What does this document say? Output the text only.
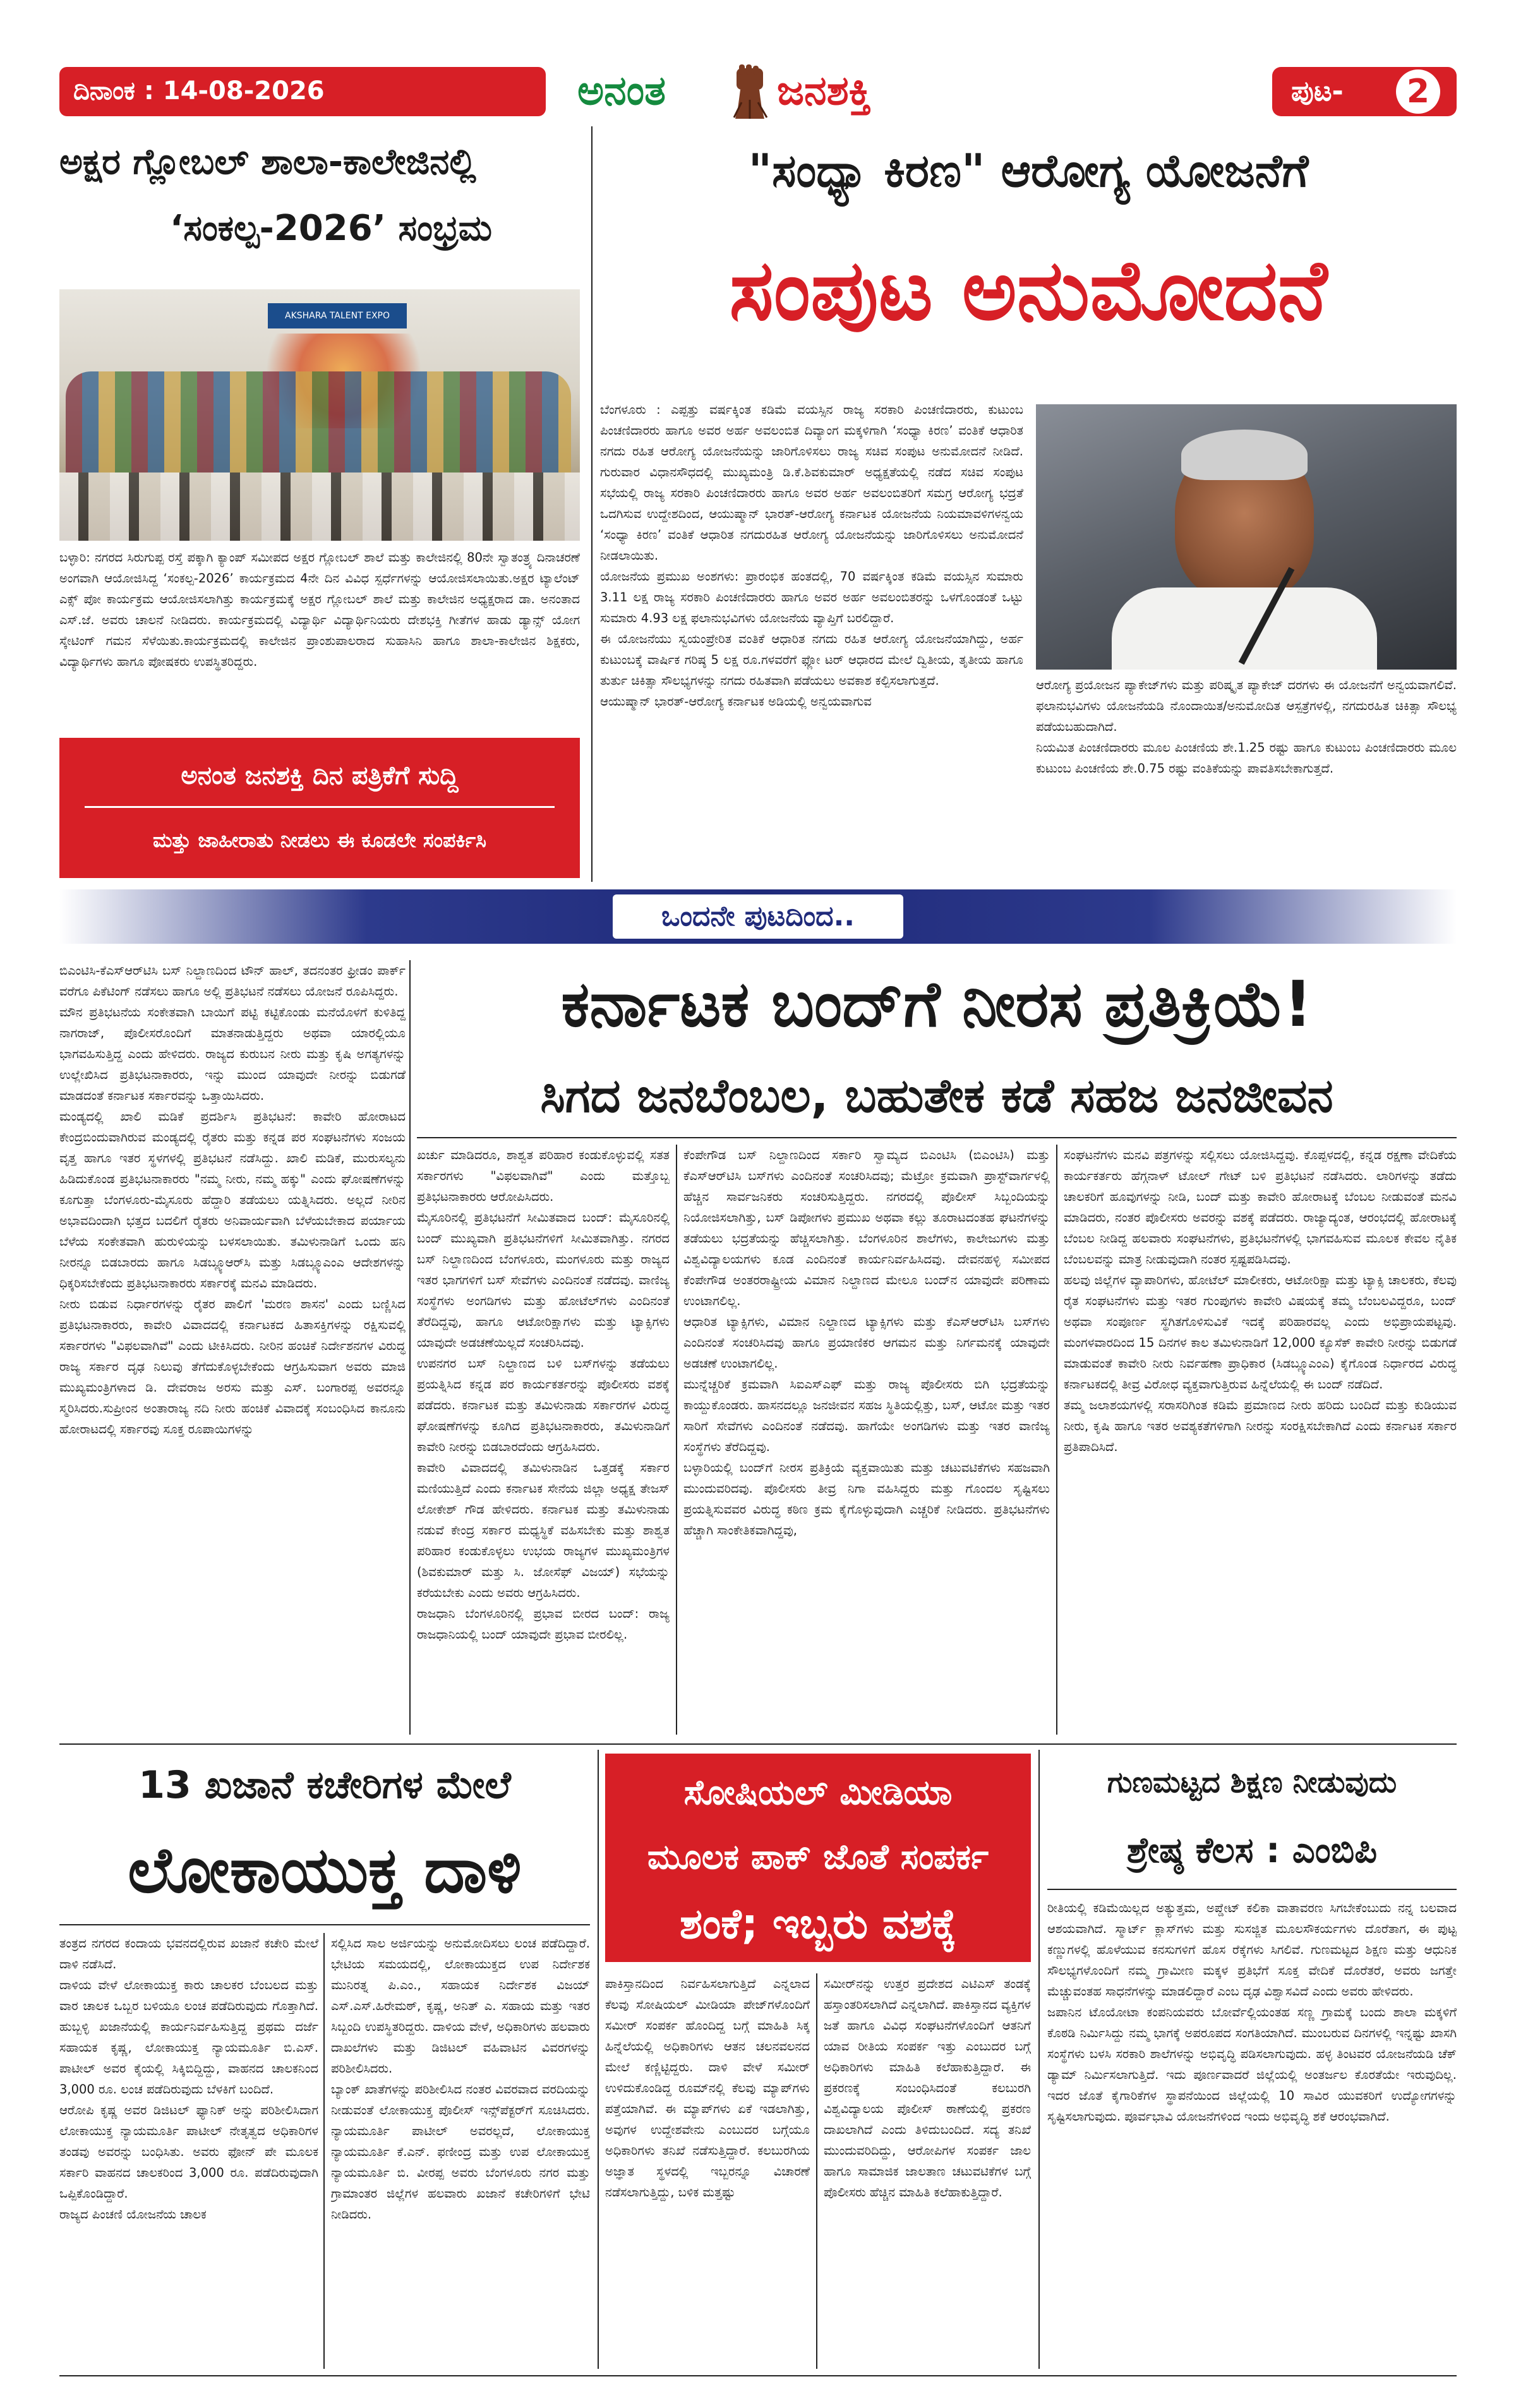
ದಿನಾಂಕ : 14-08-2026	ಅನಂತ	ಜನಶಕ್ತಿ	ಪುಟ-	2
ಅಕ್ಷರ ಗ್ಲೋಬಲ್ ಶಾಲಾ-ಕಾಲೇಜಿನಲ್ಲಿ
‘ಸಂಕಲ್ಪ-2026’ ಸಂಭ್ರಮ
AKSHARA TALENT EXPO
ಬಳ್ಳಾರಿ: ನಗರದ ಸಿರುಗುಪ್ಪ ರಸ್ತೆ ಪಕ್ಕಾಗಿ ಕ್ಯಾಂಪ್ ಸಮೀಪದ ಅಕ್ಷರ ಗ್ಲೋಬಲ್ ಶಾಲೆ ಮತ್ತು ಕಾಲೇಜಿನಲ್ಲಿ 80ನೇ ಸ್ವಾತಂತ್ರ್ಯ ದಿನಾಚರಣೆ ಅಂಗವಾಗಿ ಆಯೋಜಿಸಿದ್ದ ‘ಸಂಕಲ್ಪ-2026’ ಕಾರ್ಯಕ್ರಮದ 4ನೇ ದಿನ ವಿವಿಧ ಸ್ಪರ್ಧೆಗಳನ್ನು ಆಯೋಜಿಸಲಾಯಿತು.ಅಕ್ಷರ ಟ್ಯಾಲೆಂಟ್ ಎಕ್ಸ್ ಪೋ ಕಾರ್ಯಕ್ರಮ ಆಯೋಜಿಸಲಾಗಿತ್ತು ಕಾರ್ಯಕ್ರಮಕ್ಕೆ ಅಕ್ಷರ ಗ್ಲೋಬಲ್ ಶಾಲೆ ಮತ್ತು ಕಾಲೇಜಿನ ಅಧ್ಯಕ್ಷರಾದ ಡಾ. ಅನಂತಾದ ಎಸ್.ಜೆ. ಅವರು ಚಾಲನೆ ನೀಡಿದರು. ಕಾರ್ಯಕ್ರಮದಲ್ಲಿ ವಿದ್ಯಾರ್ಥಿ ವಿದ್ಯಾರ್ಥಿನಿಯರು ದೇಶಭಕ್ತಿ ಗೀತೆಗಳ ಹಾಡು ಡ್ಯಾನ್ಸ್ ಯೋಗ ಸ್ಕೇಟಿಂಗ್ ಗಮನ ಸೆಳೆಯಿತು.ಕಾರ್ಯಕ್ರಮದಲ್ಲಿ ಕಾಲೇಜಿನ ಪ್ರಾಂಶುಪಾಲರಾದ ಸುಹಾಸಿನಿ ಹಾಗೂ ಶಾಲಾ-ಕಾಲೇಜಿನ ಶಿಕ್ಷಕರು, ವಿದ್ಯಾರ್ಥಿಗಳು ಹಾಗೂ ಪೋಷಕರು ಉಪಸ್ಥಿತರಿದ್ದರು.
ಅನಂತ ಜನಶಕ್ತಿ ದಿನ ಪತ್ರಿಕೆಗೆ ಸುದ್ದಿ
ಮತ್ತು ಜಾಹೀರಾತು ನೀಡಲು ಈ ಕೂಡಲೇ ಸಂಪರ್ಕಿಸಿ
"ಸಂಧ್ಯಾ ಕಿರಣ" ಆರೋಗ್ಯ ಯೋಜನೆಗೆ
ಸಂಪುಟ ಅನುಮೋದನೆ
ಬೆಂಗಳೂರು : ಎಪ್ಪತ್ತು ವರ್ಷಕ್ಕಿಂತ ಕಡಿಮೆ ವಯಸ್ಸಿನ ರಾಜ್ಯ ಸರಕಾರಿ ಪಿಂಚಣಿದಾರರು, ಕುಟುಂಬ ಪಿಂಚಣಿದಾರರು ಹಾಗೂ ಅವರ ಅರ್ಹ ಅವಲಂಬಿತ ದಿವ್ಯಾಂಗ ಮಕ್ಕಳಿಗಾಗಿ ‘ಸಂಧ್ಯಾ ಕಿರಣ’ ವಂತಿಕೆ ಆಧಾರಿತ ನಗದು ರಹಿತ ಆರೋಗ್ಯ ಯೋಜನೆಯನ್ನು ಜಾರಿಗೊಳಿಸಲು ರಾಜ್ಯ ಸಚಿವ ಸಂಪುಟ ಅನುಮೋದನೆ ನೀಡಿದೆ. ಗುರುವಾರ ವಿಧಾನಸೌಧದಲ್ಲಿ ಮುಖ್ಯಮಂತ್ರಿ ಡಿ.ಕೆ.ಶಿವಕುಮಾರ್ ಅಧ್ಯಕ್ಷತೆಯಲ್ಲಿ ನಡೆದ ಸಚಿವ ಸಂಪುಟ ಸಭೆಯಲ್ಲಿ ರಾಜ್ಯ ಸರಕಾರಿ ಪಿಂಚಣಿದಾರರು ಹಾಗೂ ಅವರ ಅರ್ಹ ಅವಲಂಬಿತರಿಗೆ ಸಮಗ್ರ ಆರೋಗ್ಯ ಭದ್ರತೆ ಒದಗಿಸುವ ಉದ್ದೇಶದಿಂದ, ಆಯುಷ್ಮಾನ್ ಭಾರತ್-ಆರೋಗ್ಯ ಕರ್ನಾಟಕ ಯೋಜನೆಯ ನಿಯಮಾವಳಿಗಳನ್ವಯ ‘ಸಂಧ್ಯಾ ಕಿರಣ’ ವಂತಿಕೆ ಆಧಾರಿತ ನಗದುರಹಿತ ಆರೋಗ್ಯ ಯೋಜನೆಯನ್ನು ಜಾರಿಗೊಳಿಸಲು ಅನುಮೋದನೆ ನೀಡಲಾಯಿತು.
ಯೋಜನೆಯ ಪ್ರಮುಖ ಅಂಶಗಳು: ಪ್ರಾರಂಭಿಕ ಹಂತದಲ್ಲಿ, 70 ವರ್ಷಕ್ಕಿಂತ ಕಡಿಮೆ ವಯಸ್ಸಿನ ಸುಮಾರು 3.11 ಲಕ್ಷ ರಾಜ್ಯ ಸರಕಾರಿ ಪಿಂಚಣಿದಾರರು ಹಾಗೂ ಅವರ ಅರ್ಹ ಅವಲಂಬಿತರನ್ನು ಒಳಗೊಂಡಂತೆ ಒಟ್ಟು ಸುಮಾರು 4.93 ಲಕ್ಷ ಫಲಾನುಭವಿಗಳು ಯೋಜನೆಯ ವ್ಯಾಪ್ತಿಗೆ ಬರಲಿದ್ದಾರೆ.
ಈ ಯೋಜನೆಯು ಸ್ವಯಂಪ್ರೇರಿತ ವಂತಿಕೆ ಆಧಾರಿತ ನಗದು ರಹಿತ ಆರೋಗ್ಯ ಯೋಜನೆಯಾಗಿದ್ದು, ಅರ್ಹ ಕುಟುಂಬಕ್ಕೆ ವಾರ್ಷಿಕ ಗರಿಷ್ಠ 5 ಲಕ್ಷ ರೂ.ಗಳವರೆಗೆ ಫ್ಲೋ ಟರ್ ಆಧಾರದ ಮೇಲೆ ದ್ವಿತೀಯ, ತೃತೀಯ ಹಾಗೂ ತುರ್ತು ಚಿಕಿತ್ಸಾ ಸೌಲಭ್ಯಗಳನ್ನು ನಗದು ರಹಿತವಾಗಿ ಪಡೆಯಲು ಅವಕಾಶ ಕಲ್ಪಿಸಲಾಗುತ್ತದೆ.
ಆಯುಷ್ಮಾನ್ ಭಾರತ್-ಆರೋಗ್ಯ ಕರ್ನಾಟಕ ಅಡಿಯಲ್ಲಿ ಅನ್ವಯವಾಗುವ
ಆರೋಗ್ಯ ಪ್ರಯೋಜನ ಪ್ಯಾಕೇಜ್‌ಗಳು ಮತ್ತು ಪರಿಷ್ಕೃತ ಪ್ಯಾಕೇಜ್ ದರಗಳು ಈ ಯೋಜನೆಗೆ ಅನ್ವಯವಾಗಲಿವೆ. ಫಲಾನುಭವಿಗಳು ಯೋಜನೆಯಡಿ ನೊಂದಾಯಿತ/ಅನುಮೋದಿತ ಆಸ್ಪತ್ರೆಗಳಲ್ಲಿ, ನಗದುರಹಿತ ಚಿಕಿತ್ಸಾ ಸೌಲಭ್ಯ ಪಡೆಯಬಹುದಾಗಿದೆ.
ನಿಯಮಿತ ಪಿಂಚಣಿದಾರರು ಮೂಲ ಪಿಂಚಣಿಯ ಶೇ.1.25 ರಷ್ಟು ಹಾಗೂ ಕುಟುಂಬ ಪಿಂಚಣಿದಾರರು ಮೂಲ ಕುಟುಂಬ ಪಿಂಚಣಿಯ ಶೇ.0.75 ರಷ್ಟು ವಂತಿಕೆಯನ್ನು ಪಾವತಿಸಬೇಕಾಗುತ್ತದೆ.
ಒಂದನೇ ಪುಟದಿಂದ..
ಬಿಎಂಟಿಸಿ-ಕೆಎಸ್ಆರ್‌ಟಿಸಿ ಬಸ್ ನಿಲ್ದಾಣದಿಂದ ಟೌನ್ ಹಾಲ್, ತದನಂತರ ಫ್ರೀಡಂ ಪಾರ್ಕ್ ವರೆಗೂ ಪಿಕೆಟಿಂಗ್ ನಡೆಸಲು ಹಾಗೂ ಅಲ್ಲಿ ಪ್ರತಿಭಟನೆ ನಡೆಸಲು ಯೋಜನೆ ರೂಪಿಸಿದ್ದರು.
ಮೌನ ಪ್ರತಿಭಟನೆಯ ಸಂಕೇತವಾಗಿ ಬಾಯಿಗೆ ಪಟ್ಟಿ ಕಟ್ಟಿಕೊಂಡು ಮನೆಯೊಳಗೆ ಕುಳಿತಿದ್ದ ನಾಗರಾಜ್, ಪೊಲೀಸರೊಂದಿಗೆ ಮಾತನಾಡುತ್ತಿದ್ದರು ಅಥವಾ ಯಾರಲ್ಲಿಯೂ ಭಾಗವಹಿಸುತ್ತಿದ್ದ ಎಂದು ಹೇಳಿದರು. ರಾಜ್ಯದ ಕುರುಬನ ನೀರು ಮತ್ತು ಕೃಷಿ ಅಗತ್ಯಗಳನ್ನು ಉಲ್ಲೇಖಿಸಿದ ಪ್ರತಿಭಟನಾಕಾರರು, ಇನ್ನು ಮುಂದ ಯಾವುದೇ ನೀರನ್ನು ಬಿಡುಗಡೆ ಮಾಡದಂತೆ ಕರ್ನಾಟಕ ಸರ್ಕಾರವನ್ನು ಒತ್ತಾಯಿಸಿದರು.
ಮಂಡ್ಯದಲ್ಲಿ ಖಾಲಿ ಮಡಿಕೆ ಪ್ರದರ್ಶಿಸಿ ಪ್ರತಿಭಟನೆ: ಕಾವೇರಿ ಹೋರಾಟದ ಕೇಂದ್ರಬಿಂದುವಾಗಿರುವ ಮಂಡ್ಯದಲ್ಲಿ ರೈತರು ಮತ್ತು ಕನ್ನಡ ಪರ ಸಂಘಟನೆಗಳು ಸಂಜಯ ವೃತ್ತ ಹಾಗೂ ಇತರ ಸ್ಥಳಗಳಲ್ಲಿ ಪ್ರತಿಭಟನೆ ನಡೆಸಿದ್ದು. ಖಾಲಿ ಮಡಿಕೆ, ಮುರುಸಲ್ಯನು ಹಿಡಿದುಕೊಂಡ ಪ್ರತಿಭಟನಾಕಾರರು "ನಮ್ಮ ನೀರು, ನಮ್ಮ ಹಕ್ಕು" ಎಂದು ಘೋಷಣೆಗಳನ್ನು ಕೂಗುತ್ತಾ ಬೆಂಗಳೂರು-ಮೈಸೂರು ಹೆದ್ದಾರಿ ತಡೆಯಲು ಯತ್ನಿಸಿದರು. ಅಲ್ಲದೆ ನೀರಿನ ಅಭಾವದಿಂದಾಗಿ ಭತ್ತದ ಬದಲಿಗೆ ರೈತರು ಅನಿವಾರ್ಯವಾಗಿ ಬೆಳೆಯಬೇಕಾದ ಪರ್ಯಾಯ ಬೆಳೆಯ ಸಂಕೇತವಾಗಿ ಹುರುಳಿಯನ್ನು ಬಳಸಲಾಯಿತು. ತಮಿಳುನಾಡಿಗೆ ಒಂದು ಹನಿ ನೀರನ್ನೂ ಬಿಡಬಾರದು ಹಾಗೂ ಸಿಡಬ್ಲ್ಯೂಆರ್‌ಸಿ ಮತ್ತು ಸಿಡಬ್ಲ್ಯೂಎಂಎ ಆದೇಶಗಳನ್ನು ಧಿಕ್ಕರಿಸಬೇಕೆಂದು ಪ್ರತಿಭಟನಾಕಾರರು ಸರ್ಕಾರಕ್ಕೆ ಮನವಿ ಮಾಡಿದರು.
ನೀರು ಬಿಡುವ ನಿರ್ಧಾರಗಳನ್ನು ರೈತರ ಪಾಲಿಗೆ 'ಮರಣ ಶಾಸನ' ಎಂದು ಬಣ್ಣಿಸಿದ ಪ್ರತಿಭಟನಾಕಾರರು, ಕಾವೇರಿ ವಿವಾದದಲ್ಲಿ ಕರ್ನಾಟಕದ ಹಿತಾಸಕ್ತಿಗಳನ್ನು ರಕ್ಷಿಸುವಲ್ಲಿ ಸರ್ಕಾರಗಳು "ವಿಫಲವಾಗಿವೆ" ಎಂದು ಟೀಕಿಸಿದರು. ನೀರಿನ ಹಂಚಿಕೆ ನಿರ್ದೇಶನಗಳ ವಿರುದ್ಧ ರಾಜ್ಯ ಸರ್ಕಾರ ದೃಢ ನಿಲುವು ತೆಗೆದುಕೊಳ್ಳಬೇಕೆಂದು ಆಗ್ರಹಿಸುವಾಗ ಅವರು ಮಾಜಿ ಮುಖ್ಯಮಂತ್ರಿಗಳಾದ ಡಿ. ದೇವರಾಜ ಅರಸು ಮತ್ತು ಎಸ್. ಬಂಗಾರಪ್ಪ ಅವರನ್ನೂ ಸ್ಮರಿಸಿದರು.ಸುಪ್ರೀಂನ ಅಂತಾರಾಜ್ಯ ನದಿ ನೀರು ಹಂಚಿಕೆ ವಿವಾದಕ್ಕೆ ಸಂಬಂಧಿಸಿದ ಕಾನೂನು ಹೋರಾಟದಲ್ಲಿ ಸರ್ಕಾರವು ಸೂಕ್ತ ರೂಪಾಯಿಗಳನ್ನು
ಕರ್ನಾಟಕ ಬಂದ್‌ಗೆ ನೀರಸ ಪ್ರತಿಕ್ರಿಯೆ!
ಸಿಗದ ಜನಬೆಂಬಲ, ಬಹುತೇಕ ಕಡೆ ಸಹಜ ಜನಜೀವನ
ಖರ್ಚು ಮಾಡಿದರೂ, ಶಾಶ್ವತ ಪರಿಹಾರ ಕಂಡುಕೊಳ್ಳುವಲ್ಲಿ ಸತತ ಸರ್ಕಾರಗಳು "ವಿಫಲವಾಗಿವೆ" ಎಂದು ಮತ್ತೊಬ್ಬ ಪ್ರತಿಭಟನಾಕಾರರು ಆರೋಪಿಸಿದರು.
ಮೈಸೂರಿನಲ್ಲಿ ಪ್ರತಿಭಟನೆಗೆ ಸೀಮಿತವಾದ ಬಂದ್: ಮೈಸೂರಿನಲ್ಲಿ ಬಂದ್ ಮುಖ್ಯವಾಗಿ ಪ್ರತಿಭಟನೆಗಳಿಗೆ ಸೀಮಿತವಾಗಿತ್ತು. ನಗರದ ಬಸ್ ನಿಲ್ದಾಣದಿಂದ ಬೆಂಗಳೂರು, ಮಂಗಳೂರು ಮತ್ತು ರಾಜ್ಯದ ಇತರ ಭಾಗಗಳಿಗೆ ಬಸ್ ಸೇವೆಗಳು ಎಂದಿನಂತೆ ನಡೆದವು. ವಾಣಿಜ್ಯ ಸಂಸ್ಥೆಗಳು ಅಂಗಡಿಗಳು ಮತ್ತು ಹೋಟೆಲ್‌ಗಳು ಎಂದಿನಂತೆ ತೆರೆದಿದ್ದವು, ಹಾಗೂ ಆಟೋರಿಕ್ಷಾಗಳು ಮತ್ತು ಟ್ಯಾಕ್ಸಿಗಳು ಯಾವುದೇ ಅಡಚಣೆಯಿಲ್ಲದೆ ಸಂಚರಿಸಿದವು.
ಉಪನಗರ ಬಸ್ ನಿಲ್ದಾಣದ ಬಳಿ ಬಸ್‌ಗಳನ್ನು ತಡೆಯಲು ಪ್ರಯತ್ನಿಸಿದ ಕನ್ನಡ ಪರ ಕಾರ್ಯಕರ್ತರನ್ನು ಪೊಲೀಸರು ವಶಕ್ಕೆ ಪಡೆದರು. ಕರ್ನಾಟಕ ಮತ್ತು ತಮಿಳುನಾಡು ಸರ್ಕಾರಗಳ ವಿರುದ್ಧ ಘೋಷಣೆಗಳನ್ನು ಕೂಗಿದ ಪ್ರತಿಭಟನಾಕಾರರು, ತಮಿಳುನಾಡಿಗೆ ಕಾವೇರಿ ನೀರನ್ನು ಬಿಡಬಾರದೆಂದು ಆಗ್ರಹಿಸಿದರು.
ಕಾವೇರಿ ವಿವಾದದಲ್ಲಿ ತಮಿಳುನಾಡಿನ ಒತ್ತಡಕ್ಕೆ ಸರ್ಕಾರ ಮಣಿಯುತ್ತಿದೆ ಎಂದು ಕರ್ನಾಟಕ ಸೇನೆಯ ಜಿಲ್ಲಾ ಅಧ್ಯಕ್ಷ ತೇಜಸ್ ಲೋಕೇಶ್ ಗೌಡ ಹೇಳಿದರು. ಕರ್ನಾಟಕ ಮತ್ತು ತಮಿಳುನಾಡು ನಡುವೆ ಕೇಂದ್ರ ಸರ್ಕಾರ ಮಧ್ಯಸ್ಥಿಕೆ ವಹಿಸಬೇಕು ಮತ್ತು ಶಾಶ್ವತ ಪರಿಹಾರ ಕಂಡುಕೊಳ್ಳಲು ಉಭಯ ರಾಜ್ಯಗಳ ಮುಖ್ಯಮಂತ್ರಿಗಳ (ಶಿವಕುಮಾರ್ ಮತ್ತು ಸಿ. ಜೋಸೆಫ್ ವಿಜಯ್) ಸಭೆಯನ್ನು ಕರೆಯಬೇಕು ಎಂದು ಅವರು ಆಗ್ರಹಿಸಿದರು.
ರಾಜಧಾನಿ ಬೆಂಗಳೂರಿನಲ್ಲಿ ಪ್ರಭಾವ ಬೀರದ ಬಂದ್: ರಾಜ್ಯ ರಾಜಧಾನಿಯಲ್ಲಿ ಬಂದ್ ಯಾವುದೇ ಪ್ರಭಾವ ಬೀರಲಿಲ್ಲ.
ಕೆಂಪೇಗೌಡ ಬಸ್ ನಿಲ್ದಾಣದಿಂದ ಸರ್ಕಾರಿ ಸ್ವಾಮ್ಯದ ಬಿಎಂಟಿಸಿ (ಬಿಎಂಟಿಸಿ) ಮತ್ತು ಕೆಎಸ್‌ಆರ್‌ಟಿಸಿ ಬಸ್‌ಗಳು ಎಂದಿನಂತೆ ಸಂಚರಿಸಿದವು; ಮೆಟ್ರೋ ಕ್ರಮವಾಗಿ ಪ್ರಾಸ್ಟ್‌ವಾರ್ಗಳಲ್ಲಿ ಹೆಚ್ಚಿನ ಸಾರ್ವಜನಿಕರು ಸಂಚರಿಸುತ್ತಿದ್ದರು. ನಗರದಲ್ಲಿ ಪೊಲೀಸ್ ಸಿಬ್ಬಂದಿಯನ್ನು ನಿಯೋಜಿಸಲಾಗಿತ್ತು, ಬಸ್ ಡಿಪೋಗಳು ಪ್ರಮುಖ ಅಥವಾ ಕಲ್ಲು ತೂರಾಟದಂತಹ ಘಟನೆಗಳನ್ನು ತಡೆಯಲು ಭದ್ರತೆಯನ್ನು ಹೆಚ್ಚಿಸಲಾಗಿತ್ತು. ಬೆಂಗಳೂರಿನ ಶಾಲೆಗಳು, ಕಾಲೇಜುಗಳು ಮತ್ತು ವಿಶ್ವವಿದ್ಯಾಲಯಗಳು ಕೂಡ ಎಂದಿನಂತೆ ಕಾರ್ಯನಿರ್ವಹಿಸಿದವು. ದೇವನಹಳ್ಳಿ ಸಮೀಪದ ಕೆಂಪೇಗೌಡ ಅಂತರರಾಷ್ಟ್ರೀಯ ವಿಮಾನ ನಿಲ್ದಾಣದ ಮೇಲೂ ಬಂದ್‌ನ ಯಾವುದೇ ಪರಿಣಾಮ ಉಂಟಾಗಲಿಲ್ಲ.
ಆಧಾರಿತ ಟ್ಯಾಕ್ಸಿಗಳು, ವಿಮಾನ ನಿಲ್ದಾಣದ ಟ್ಯಾಕ್ಸಿಗಳು ಮತ್ತು ಕೆಎಸ್‌ಆರ್‌ಟಿಸಿ ಬಸ್‌ಗಳು ಎಂದಿನಂತೆ ಸಂಚರಿಸಿದವು ಹಾಗೂ ಪ್ರಯಾಣಿಕರ ಆಗಮನ ಮತ್ತು ನಿರ್ಗಮನಕ್ಕೆ ಯಾವುದೇ ಅಡಚಣೆ ಉಂಟಾಗಲಿಲ್ಲ.
ಮುನ್ನೆಚ್ಚರಿಕೆ ಕ್ರಮವಾಗಿ ಸಿಐಎಸ್‌ಎಫ್ ಮತ್ತು ರಾಜ್ಯ ಪೊಲೀಸರು ಬಿಗಿ ಭದ್ರತೆಯನ್ನು ಕಾಯ್ದುಕೊಂಡರು. ಹಾಸನದಲ್ಲೂ ಜನಜೀವನ ಸಹಜ ಸ್ಥಿತಿಯಲ್ಲಿತ್ತು, ಬಸ್, ಆಟೋ ಮತ್ತು ಇತರ ಸಾರಿಗೆ ಸೇವೆಗಳು ಎಂದಿನಂತೆ ನಡೆದವು. ಹಾಗೆಯೇ ಅಂಗಡಿಗಳು ಮತ್ತು ಇತರ ವಾಣಿಜ್ಯ ಸಂಸ್ಥೆಗಳು ತೆರೆದಿದ್ದವು.
ಬಳ್ಳಾರಿಯಲ್ಲಿ ಬಂದ್‌ಗೆ ನೀರಸ ಪ್ರತಿಕ್ರಿಯೆ ವ್ಯಕ್ತವಾಯಿತು ಮತ್ತು ಚಟುವಟಿಕೆಗಳು ಸಹಜವಾಗಿ ಮುಂದುವರಿದವು. ಪೊಲೀಸರು ತೀವ್ರ ನಿಗಾ ವಹಿಸಿದ್ದರು ಮತ್ತು ಗೊಂದಲ ಸೃಷ್ಟಿಸಲು ಪ್ರಯತ್ನಿಸುವವರ ವಿರುದ್ಧ ಕಠಿಣ ಕ್ರಮ ಕೈಗೊಳ್ಳುವುದಾಗಿ ಎಚ್ಚರಿಕೆ ನೀಡಿದರು. ಪ್ರತಿಭಟನೆಗಳು ಹೆಚ್ಚಾಗಿ ಸಾಂಕೇತಿಕವಾಗಿದ್ದವು,
ಸಂಘಟನೆಗಳು ಮನವಿ ಪತ್ರಗಳನ್ನು ಸಲ್ಲಿಸಲು ಯೋಜಿಸಿದ್ದವು. ಕೊಪ್ಪಳದಲ್ಲಿ, ಕನ್ನಡ ರಕ್ಷಣಾ ವೇದಿಕೆಯ ಕಾರ್ಯಕರ್ತರು ಹೆಗ್ಗನಾಳ್ ಟೋಲ್ ಗೇಟ್ ಬಳಿ ಪ್ರತಿಭಟನೆ ನಡೆಸಿದರು. ಲಾರಿಗಳನ್ನು ತಡೆದು ಚಾಲಕರಿಗೆ ಹೂವುಗಳನ್ನು ನೀಡಿ, ಬಂದ್ ಮತ್ತು ಕಾವೇರಿ ಹೋರಾಟಕ್ಕೆ ಬೆಂಬಲ ನೀಡುವಂತೆ ಮನವಿ ಮಾಡಿದರು, ನಂತರ ಪೊಲೀಸರು ಅವರನ್ನು ವಶಕ್ಕೆ ಪಡೆದರು. ರಾಜ್ಯಾದ್ಯಂತ, ಆರಂಭದಲ್ಲಿ ಹೋರಾಟಕ್ಕೆ ಬೆಂಬಲ ನೀಡಿದ್ದ ಹಲವಾರು ಸಂಘಟನೆಗಳು, ಪ್ರತಿಭಟನೆಗಳಲ್ಲಿ ಭಾಗವಹಿಸುವ ಮೂಲಕ ಕೇವಲ ನೈತಿಕ ಬೆಂಬಲವನ್ನು ಮಾತ್ರ ನೀಡುವುದಾಗಿ ನಂತರ ಸ್ಪಷ್ಟಪಡಿಸಿದವು.
ಹಲವು ಜಿಲ್ಲೆಗಳ ವ್ಯಾಪಾರಿಗಳು, ಹೋಟೆಲ್ ಮಾಲೀಕರು, ಆಟೋರಿಕ್ಷಾ ಮತ್ತು ಟ್ಯಾಕ್ಸಿ ಚಾಲಕರು, ಕೆಲವು ರೈತ ಸಂಘಟನೆಗಳು ಮತ್ತು ಇತರ ಗುಂಪುಗಳು ಕಾವೇರಿ ವಿಷಯಕ್ಕೆ ತಮ್ಮ ಬೆಂಬಲವಿದ್ದರೂ, ಬಂದ್ ಅಥವಾ ಸಂಪೂರ್ಣ ಸ್ಥಗಿತಗೊಳಿಸುವಿಕೆ ಇದಕ್ಕೆ ಪರಿಹಾರವಲ್ಲ ಎಂದು ಅಭಿಪ್ರಾಯಪಟ್ಟವು. ಮಂಗಳವಾರದಿಂದ 15 ದಿನಗಳ ಕಾಲ ತಮಿಳುನಾಡಿಗೆ 12,000 ಕ್ಯೂಸೆಕ್ ಕಾವೇರಿ ನೀರನ್ನು ಬಿಡುಗಡೆ ಮಾಡುವಂತೆ ಕಾವೇರಿ ನೀರು ನಿರ್ವಹಣಾ ಪ್ರಾಧಿಕಾರ (ಸಿಡಬ್ಲ್ಯೂಎಂಎ) ಕೈಗೊಂಡ ನಿರ್ಧಾರದ ವಿರುದ್ಧ ಕರ್ನಾಟಕದಲ್ಲಿ ತೀವ್ರ ವಿರೋಧ ವ್ಯಕ್ತವಾಗುತ್ತಿರುವ ಹಿನ್ನೆಲೆಯಲ್ಲಿ ಈ ಬಂದ್ ನಡೆದಿದೆ.
ತಮ್ಮ ಜಲಾಶಯಗಳಲ್ಲಿ ಸರಾಸರಿಗಿಂತ ಕಡಿಮೆ ಪ್ರಮಾಣದ ನೀರು ಹರಿದು ಬಂದಿದೆ ಮತ್ತು ಕುಡಿಯುವ ನೀರು, ಕೃಷಿ ಹಾಗೂ ಇತರ ಅವಶ್ಯಕತೆಗಳಿಗಾಗಿ ನೀರನ್ನು ಸಂರಕ್ಷಿಸಬೇಕಾಗಿದೆ ಎಂದು ಕರ್ನಾಟಕ ಸರ್ಕಾರ ಪ್ರತಿಪಾದಿಸಿದೆ.
13 ಖಜಾನೆ ಕಚೇರಿಗಳ ಮೇಲೆ
ಲೋಕಾಯುಕ್ತ ದಾಳಿ
ತಂತ್ರದ ನಗರದ ಕಂದಾಯ ಭವನದಲ್ಲಿರುವ ಖಜಾನೆ ಕಚೇರಿ ಮೇಲೆ ದಾಳಿ ನಡೆಸಿದೆ.
ದಾಳಿಯ ವೇಳೆ ಲೋಕಾಯುಕ್ತ ಕಾರು ಚಾಲಕರ ಬೆಂಬಲದ ಮತ್ತು ವಾರ ಚಾಲಕ ಒಬ್ಬರ ಬಳಿಯೂ ಲಂಚ ಪಡೆದಿರುವುದು ಗೊತ್ತಾಗಿದೆ. ಹುಬ್ಬಳ್ಳಿ ಖಜಾನೆಯಲ್ಲಿ ಕಾರ್ಯನಿರ್ವಹಿಸುತ್ತಿದ್ದ ಪ್ರಥಮ ದರ್ಜೆ ಸಹಾಯಕ ಕೃಷ್ಣ, ಲೋಕಾಯುಕ್ತ ನ್ಯಾಯಮೂರ್ತಿ ಬಿ.ಎಸ್. ಪಾಟೀಲ್ ಅವರ ಕೈಯಲ್ಲಿ ಸಿಕ್ಕಿಬಿದ್ದಿದ್ದು, ವಾಹನದ ಚಾಲಕನಿಂದ 3,000 ರೂ. ಲಂಚ ಪಡೆದಿರುವುದು ಬೆಳಕಿಗೆ ಬಂದಿದೆ.
ಆರೋಪಿ ಕೃಷ್ಣ ಅವರ ಡಿಜಿಟಲ್ ಫ್ಯಾನಿಕ್ ಅನ್ನು ಪರಿಶೀಲಿಸಿದಾಗ ಲೋಕಾಯುಕ್ತ ನ್ಯಾಯಮೂರ್ತಿ ಪಾಟೀಲ್ ನೇತೃತ್ವದ ಅಧಿಕಾರಿಗಳ ತಂಡವು ಅವರನ್ನು ಬಂಧಿಸಿತು. ಅವರು ಫೋನ್ ಪೇ ಮೂಲಕ ಸರ್ಕಾರಿ ವಾಹನದ ಚಾಲಕರಿಂದ 3,000 ರೂ. ಪಡೆದಿರುವುದಾಗಿ ಒಪ್ಪಿಕೊಂಡಿದ್ದಾರೆ.
ರಾಜ್ಯದ ಪಿಂಚಣಿ ಯೋಜನೆಯ ಚಾಲಕ
ಸಲ್ಲಿಸಿದ ಸಾಲ ಅರ್ಜಿಯನ್ನು ಅನುಮೋದಿಸಲು ಲಂಚ ಪಡೆದಿದ್ದಾರೆ. ಭೇಟಿಯ ಸಮಯದಲ್ಲಿ, ಲೋಕಾಯುಕ್ತದ ಉಪ ನಿರ್ದೇಶಕ ಮುನಿರತ್ನ ಪಿ.ಎಂ., ಸಹಾಯಕ ನಿರ್ದೇಶಕ ವಿಜಯ್ ಎಸ್.ಎಸ್.ಹಿರೇಮಠ್, ಕೃಷ್ಣ, ಅನಿತ್ ಎ. ಸಹಾಯ ಮತ್ತು ಇತರ ಸಿಬ್ಬಂದಿ ಉಪಸ್ಥಿತರಿದ್ದರು. ದಾಳಿಯ ವೇಳೆ, ಅಧಿಕಾರಿಗಳು ಹಲವಾರು ದಾಖಲೆಗಳು ಮತ್ತು ಡಿಜಿಟಲ್ ವಹಿವಾಟಿನ ವಿವರಗಳನ್ನು ಪರಿಶೀಲಿಸಿದರು.
ಬ್ಯಾಂಕ್ ಖಾತೆಗಳನ್ನು ಪರಿಶೀಲಿಸಿದ ನಂತರ ವಿವರವಾದ ವರದಿಯನ್ನು ನೀಡುವಂತೆ ಲೋಕಾಯುಕ್ತ ಪೊಲೀಸ್ ಇನ್ಸ್‌ಪೆಕ್ಟರ್‌ಗೆ ಸೂಚಿಸಿದರು. ನ್ಯಾಯಮೂರ್ತಿ ಪಾಟೀಲ್ ಅವರಲ್ಲದೆ, ಲೋಕಾಯುಕ್ತ ನ್ಯಾಯಮೂರ್ತಿ ಕೆ.ಎನ್. ಫಣೀಂದ್ರ ಮತ್ತು ಉಪ ಲೋಕಾಯುಕ್ತ ನ್ಯಾಯಮೂರ್ತಿ ಬಿ. ವೀರಪ್ಪ ಅವರು ಬೆಂಗಳೂರು ನಗರ ಮತ್ತು ಗ್ರಾಮಾಂತರ ಜಿಲ್ಲೆಗಳ ಹಲವಾರು ಖಜಾನೆ ಕಚೇರಿಗಳಿಗೆ ಭೇಟಿ ನೀಡಿದರು.
ಸೋಷಿಯಲ್ ಮೀಡಿಯಾ
ಮೂಲಕ ಪಾಕ್ ಜೊತೆ ಸಂಪರ್ಕ
ಶಂಕೆ; ಇಬ್ಬರು ವಶಕ್ಕೆ
ಪಾಕಿಸ್ತಾನದಿಂದ ನಿರ್ವಹಿಸಲಾಗುತ್ತಿದೆ ಎನ್ನಲಾದ ಕೆಲವು ಸೋಷಿಯಲ್ ಮೀಡಿಯಾ ಪೇಜ್‌ಗಳೊಂದಿಗೆ ಸಮೀರ್ ಸಂಪರ್ಕ ಹೊಂದಿದ್ದ ಬಗ್ಗೆ ಮಾಹಿತಿ ಸಿಕ್ಕ ಹಿನ್ನೆಲೆಯಲ್ಲಿ ಅಧಿಕಾರಿಗಳು ಆತನ ಚಲನವಲನದ ಮೇಲೆ ಕಣ್ಣಿಟ್ಟಿದ್ದರು. ದಾಳಿ ವೇಳೆ ಸಮೀರ್ ಉಳಿದುಕೊಂಡಿದ್ದ ರೂಮ್‌ನಲ್ಲಿ ಕೆಲವು ಮ್ಯಾಪ್‌ಗಳು ಪತ್ತೆಯಾಗಿವೆ. ಈ ಮ್ಯಾಪ್‌ಗಳು ಏಕೆ ಇಡಲಾಗಿತ್ತು, ಅವುಗಳ ಉದ್ದೇಶವೇನು ಎಂಬುದರ ಬಗ್ಗೆಯೂ ಅಧಿಕಾರಿಗಳು ತನಿಖೆ ನಡೆಸುತ್ತಿದ್ದಾರೆ. ಕಲಬುರಗಿಯ ಅಜ್ಞಾತ ಸ್ಥಳದಲ್ಲಿ ಇಬ್ಬರನ್ನೂ ವಿಚಾರಣೆ ನಡೆಸಲಾಗುತ್ತಿದ್ದು, ಬಳಿಕ ಮತ್ತಷ್ಟು
ಸಮೀರ್‌ನನ್ನು ಉತ್ತರ ಪ್ರದೇಶದ ಎಟಿಎಸ್ ತಂಡಕ್ಕೆ ಹಸ್ತಾಂತರಿಸಲಾಗಿದೆ ಎನ್ನಲಾಗಿದೆ. ಪಾಕಿಸ್ತಾನದ ವ್ಯಕ್ತಿಗಳ ಜತೆ ಹಾಗೂ ವಿವಿಧ ಸಂಘಟನೆಗಳೊಂದಿಗೆ ಆತನಿಗೆ ಯಾವ ರೀತಿಯ ಸಂಪರ್ಕ ಇತ್ತು ಎಂಬುದರ ಬಗ್ಗೆ ಅಧಿಕಾರಿಗಳು ಮಾಹಿತಿ ಕಲೆಹಾಕುತ್ತಿದ್ದಾರೆ. ಈ ಪ್ರಕರಣಕ್ಕೆ ಸಂಬಂಧಿಸಿದಂತೆ ಕಲಬುರಗಿ ವಿಶ್ವವಿದ್ಯಾಲಯ ಪೊಲೀಸ್ ಠಾಣೆಯಲ್ಲಿ ಪ್ರಕರಣ ದಾಖಲಾಗಿದೆ ಎಂದು ತಿಳಿದುಬಂದಿದೆ. ಸದ್ಯ ತನಿಖೆ ಮುಂದುವರಿದಿದ್ದು, ಆರೋಪಿಗಳ ಸಂಪರ್ಕ ಜಾಲ ಹಾಗೂ ಸಾಮಾಜಿಕ ಜಾಲತಾಣ ಚಟುವಟಿಕೆಗಳ ಬಗ್ಗೆ ಪೊಲೀಸರು ಹೆಚ್ಚಿನ ಮಾಹಿತಿ ಕಲೆಹಾಕುತ್ತಿದ್ದಾರೆ.
ಗುಣಮಟ್ಟದ ಶಿಕ್ಷಣ ನೀಡುವುದು
ಶ್ರೇಷ್ಠ ಕೆಲಸ : ಎಂಬಿಪಿ
ರೀತಿಯಲ್ಲಿ ಕಡಿಮೆಯಿಲ್ಲದ ಅತ್ಯುತ್ತಮ, ಅಪ್ಡೇಟ್ ಕಲಿಕಾ ವಾತಾವರಣ ಸಿಗಬೇಕೆಂಬುದು ನನ್ನ ಬಲವಾದ ಆಶಯವಾಗಿದೆ. ಸ್ಮಾರ್ಟ್ ಕ್ಲಾಸ್‌ಗಳು ಮತ್ತು ಸುಸಜ್ಜಿತ ಮೂಲಸೌಕರ್ಯಗಳು ದೊರೆತಾಗ, ಈ ಪುಟ್ಟ ಕಣ್ಣುಗಳಲ್ಲಿ ಹೊಳೆಯುವ ಕನಸುಗಳಿಗೆ ಹೊಸ ರೆಕ್ಕೆಗಳು ಸಿಗಲಿವೆ. ಗುಣಮಟ್ಟದ ಶಿಕ್ಷಣ ಮತ್ತು ಆಧುನಿಕ ಸೌಲಭ್ಯಗಳೊಂದಿಗೆ ನಮ್ಮ ಗ್ರಾಮೀಣ ಮಕ್ಕಳ ಪ್ರತಿಭೆಗೆ ಸೂಕ್ತ ವೇದಿಕೆ ದೊರೆತರೆ, ಅವರು ಜಗತ್ತೇ ಮೆಚ್ಚುವಂತಹ ಸಾಧನೆಗಳನ್ನು ಮಾಡಲಿದ್ದಾರೆ ಎಂಬ ದೃಢ ವಿಶ್ವಾಸವಿದೆ ಎಂದು ಅವರು ಹೇಳಿದರು.
ಜಪಾನಿನ ಟೊಯೋಟಾ ಕಂಪನಿಯವರು ಬೋರ್ವೆಲ್ಲಿಯಂತಹ ಸಣ್ಣ ಗ್ರಾಮಕ್ಕೆ ಬಂದು ಶಾಲಾ ಮಕ್ಕಳಿಗೆ ಕೊಠಡಿ ನಿರ್ಮಿಸಿದ್ದು ನಮ್ಮ ಭಾಗಕ್ಕೆ ಅಪರೂಪದ ಸಂಗತಿಯಾಗಿದೆ. ಮುಂಬರುವ ದಿನಗಳಲ್ಲಿ ಇನ್ನಷ್ಟು ಖಾಸಗಿ ಸಂಸ್ಥೆಗಳು ಬಳಸಿ ಸರಕಾರಿ ಶಾಲೆಗಳನ್ನು ಅಭಿವೃದ್ಧಿ ಪಡಿಸಲಾಗುವುದು. ಹಳ್ಳ ತಿಂಟವರ ಯೋಜನೆಯಡಿ ಚೆಕ್ ಡ್ಯಾಮ್ ನಿರ್ಮಿಸಲಾಗುತ್ತಿದೆ. ಇದು ಪೂರ್ಣವಾದರೆ ಜಿಲ್ಲೆಯಲ್ಲಿ ಅಂತರ್ಜಲ ಕೊರತೆಯೇ ಇರುವುದಿಲ್ಲ. ಇದರ ಜೊತೆ ಕೈಗಾರಿಕೆಗಳ ಸ್ಥಾಪನೆಯಿಂದ ಜಿಲ್ಲೆಯಲ್ಲಿ 10 ಸಾವಿರ ಯುವಕರಿಗೆ ಉದ್ಯೋಗಗಳನ್ನು ಸೃಷ್ಟಿಸಲಾಗುವುದು. ಪೂರ್ವಭಾವಿ ಯೋಜನೆಗಳಿಂದ ಇಂದು ಅಭಿವೃದ್ಧಿ ಶಕೆ ಆರಂಭವಾಗಿದೆ.
